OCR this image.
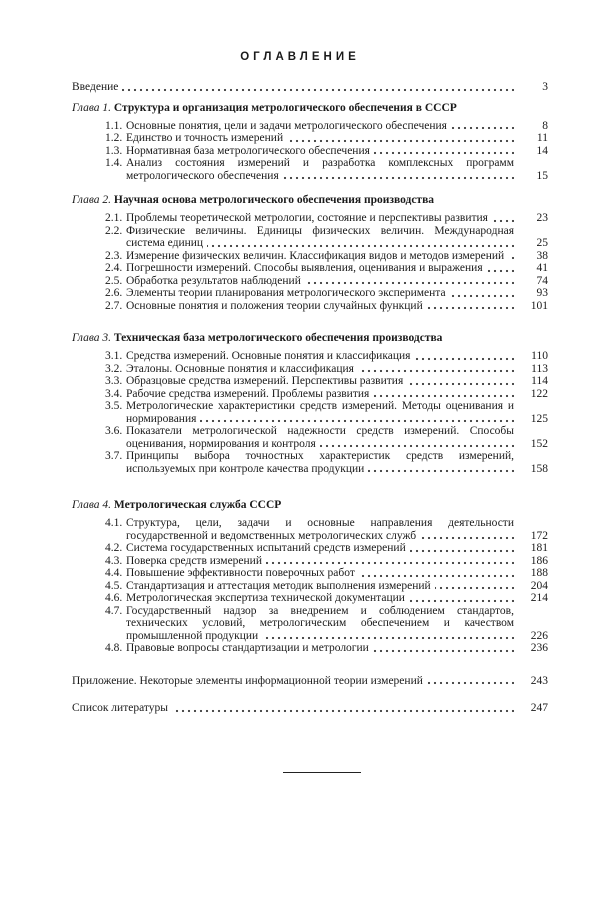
ОГЛАВЛЕНИЕ
Введение	3
Глава 1. Структура и организация метрологического обеспечения в СССР
1.1. Основные понятия, цели и задачи метрологического обеспечения	8
1.2. Единство и точность измерений	11
1.3. Нормативная база метрологического обеспечения	14
1.4. Анализ состояния измерений и разработка комплексных программ метрологического обеспечения	15
Глава 2. Научная основа метрологического обеспечения производства
2.1. Проблемы теоретической метрологии, состояние и перспективы развития	23
2.2. Физические величины. Единицы физических величин. Международная система единиц	25
2.3. Измерение физических величин. Классификация видов и методов измерений	38
2.4. Погрешности измерений. Способы выявления, оценивания и выражения	41
2.5. Обработка результатов наблюдений	74
2.6. Элементы теории планирования метрологического эксперимента	93
2.7. Основные понятия и положения теории случайных функций	101
Глава 3. Техническая база метрологического обеспечения производства
3.1. Средства измерений. Основные понятия и классификация	110
3.2. Эталоны. Основные понятия и классификация	113
3.3. Образцовые средства измерений. Перспективы развития	114
3.4. Рабочие средства измерений. Проблемы развития	122
3.5. Метрологические характеристики средств измерений. Методы оценивания и нормирования	125
3.6. Показатели метрологической надежности средств измерений. Способы оценивания, нормирования и контроля	152
3.7. Принципы выбора точностных характеристик средств измерений, используемых при контроле качества продукции	158
Глава 4. Метрологическая служба СССР
4.1. Структура, цели, задачи и основные направления деятельности государственной и ведомственных метрологических служб	172
4.2. Система государственных испытаний средств измерений	181
4.3. Поверка средств измерений	186
4.4. Повышение эффективности поверочных работ	188
4.5. Стандартизация и аттестация методик выполнения измерений	204
4.6. Метрологическая экспертиза технической документации	214
4.7. Государственный надзор за внедрением и соблюдением стандартов, технических условий, метрологическим обеспечением и качеством промышленной продукции	226
4.8. Правовые вопросы стандартизации и метрологии	236
Приложение. Некоторые элементы информационной теории измерений	243
Список литературы	247
